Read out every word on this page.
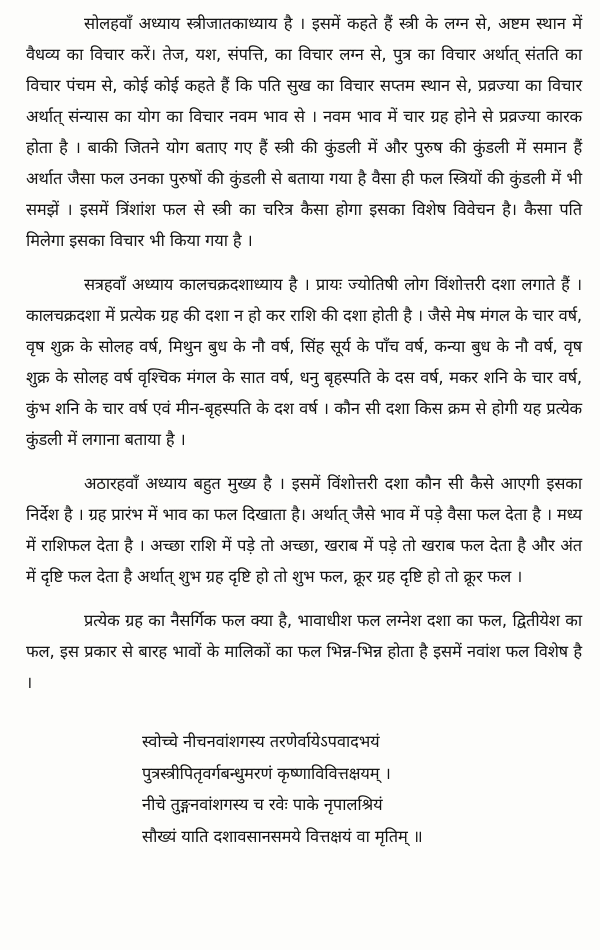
सोलहवाँ अध्याय स्त्रीजातकाध्याय है । इसमें कहते हैं स्त्री के लग्न से, अष्टम स्थान में वैधव्य का विचार करें। तेज, यश, संपत्ति, का विचार लग्न से, पुत्र का विचार अर्थात् संतति का विचार पंचम से, कोई कोई कहते हैं कि पति सुख का विचार सप्तम स्थान से, प्रव्रज्या का विचार अर्थात् संन्यास का योग का विचार नवम भाव से । नवम भाव में चार ग्रह होने से प्रव्रज्या कारक होता है । बाकी जितने योग बताए गए हैं स्त्री की कुंडली में और पुरुष की कुंडली में समान हैं अर्थात जैसा फल उनका पुरुषों की कुंडली से बताया गया है वैसा ही फल स्त्रियों की कुंडली में भी समझें । इसमें त्रिंशांश फल से स्त्री का चरित्र कैसा होगा इसका विशेष विवेचन है। कैसा पति मिलेगा इसका विचार भी किया गया है ।

सत्रहवाँ अध्याय कालचक्रदशाध्याय है । प्रायः ज्योतिषी लोग विंशोत्तरी दशा लगाते हैं । कालचक्रदशा में प्रत्येक ग्रह की दशा न हो कर राशि की दशा होती है । जैसे मेष मंगल के चार वर्ष, वृष शुक्र के सोलह वर्ष, मिथुन बुध के नौ वर्ष, सिंह सूर्य के पाँच वर्ष, कन्या बुध के नौ वर्ष, वृष शुक्र के सोलह वर्ष वृश्चिक मंगल के सात वर्ष, धनु बृहस्पति के दस वर्ष, मकर शनि के चार वर्ष, कुंभ शनि के चार वर्ष एवं मीन-बृहस्पति के दश वर्ष । कौन सी दशा किस क्रम से होगी यह प्रत्येक कुंडली में लगाना बताया है ।

अठारहवाँ अध्याय बहुत मुख्य है । इसमें विंशोत्तरी दशा कौन सी कैसे आएगी इसका निर्देश है । ग्रह प्रारंभ में भाव का फल दिखाता है। अर्थात् जैसे भाव में पड़े वैसा फल देता है । मध्य में राशिफल देता है । अच्छा राशि में पड़े तो अच्छा, खराब में पड़े तो खराब फल देता है और अंत में दृष्टि फल देता है अर्थात् शुभ ग्रह दृष्टि हो तो शुभ फल, क्रूर ग्रह दृष्टि हो तो क्रूर फल ।

प्रत्येक ग्रह का नैसर्गिक फल क्या है, भावाधीश फल लग्नेश दशा का फल, द्वितीयेश का फल, इस प्रकार से बारह भावों के मालिकों का फल भिन्न-भिन्न होता है इसमें नवांश फल विशेष है ।

स्वोच्चे नीचनवांशगस्य तरणेर्वायेऽपवादभयं
पुत्रस्त्रीपितृवर्गबन्धुमरणं कृष्णाविवित्तक्षयम् ।
नीचे तुङ्गनवांशगस्य च रवेः पाके नृपालश्रियं
सौख्यं याति दशावसानसमये वित्तक्षयं वा मृतिम् ॥
